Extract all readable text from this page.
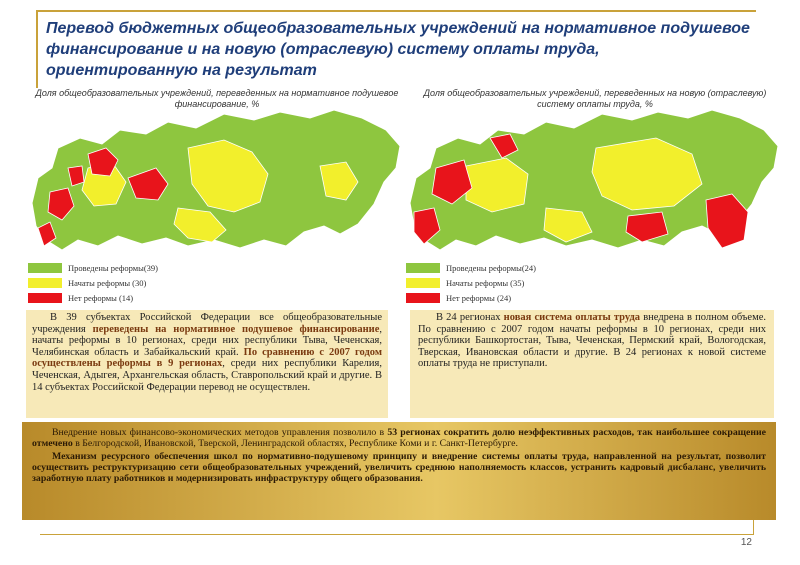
Перевод бюджетных общеобразовательных учреждений на нормативное подушевое финансирование и на новую (отраслевую) систему оплаты труда, ориентированную на результат
Доля общеобразовательных учреждений, переведенных на нормативное подушевое финансирование, %
Проведены реформы(39)
Начаты реформы (30)
Нет реформы (14)
Доля общеобразовательных учреждений, переведенных на новую (отраслевую) систему оплаты труда, %
Проведены реформы(24)
Начаты реформы (35)
Нет реформы (24)

В 39 субъектах Российской Федерации все общеобразовательные учреждения переведены на нормативное подушевое финансирование, начаты реформы в 10 регионах, среди них республики Тыва, Чеченская, Челябинская область и Забайкальский край. По сравнению с 2007 годом осуществлены реформы в 9 регионах, среди них республики Карелия, Чеченская, Адыгея, Архангельская область, Ставропольский край и другие. В 14 субъектах Российской Федерации перевод не осуществлен.

В 24 регионах новая система оплаты труда внедрена в полном объеме. По сравнению с 2007 годом начаты реформы в 10 регионах, среди них республики Башкортостан, Тыва, Чеченская, Пермский край, Вологодская, Тверская, Ивановская области и другие. В 24 регионах к новой системе оплаты труда не приступали.

Внедрение новых финансово-экономических методов управления позволило в 53 регионах сократить долю неэффективных расходов, так наибольшее сокращение отмечено в Белгородской, Ивановской, Тверской, Ленинградской областях, Республике Коми и г. Санкт-Петербурге.

Механизм ресурсного обеспечения школ по нормативно-подушевому принципу и внедрение системы оплаты труда, направленной на результат, позволит осуществить реструктуризацию сети общеобразовательных учреждений, увеличить среднюю наполняемость классов, устранить кадровый дисбаланс, увеличить заработную плату работников и модернизировать инфраструктуру общего образования.

12
